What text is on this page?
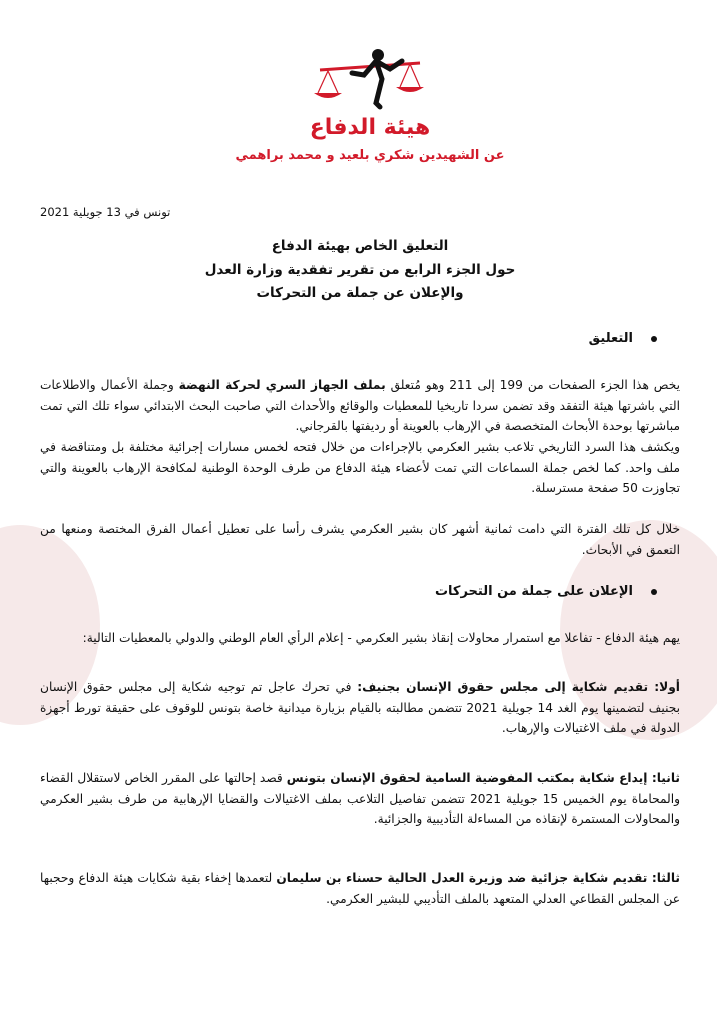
هيئة الدفاع
عن الشهيدين شكري بلعيد و محمد براهمي
تونس في 13 جويلية 2021
التعليق الخاص بهيئة الدفاع
حول الجزء الرابع من تقرير تفقدية وزارة العدل
والإعلان عن جملة من التحركات
التعليق
يخص هذا الجزء الصفحات من 199 إلى 211 وهو مُتعلق بملف الجهاز السري لحركة النهضة وجملة الأعمال والاطلاعات التي باشرتها هيئة التفقد وقد تضمن سردا تاريخيا للمعطيات والوقائع والأحداث التي صاحبت البحث الابتدائي سواء تلك التي تمت مباشرتها بوحدة الأبحاث المتخصصة في الإرهاب بالعوينة أو رديفتها بالقرجاني.
ويكشف هذا السرد التاريخي تلاعب بشير العكرمي بالإجراءات من خلال فتحه لخمس مسارات إجرائية مختلفة بل ومتناقضة في ملف واحد. كما لخص جملة السماعات التي تمت لأعضاء هيئة الدفاع من طرف الوحدة الوطنية لمكافحة الإرهاب بالعوينة والتي تجاوزت 50 صفحة مسترسلة.
خلال كل تلك الفترة التي دامت ثمانية أشهر كان بشير العكرمي يشرف رأسا على تعطيل أعمال الفرق المختصة ومنعها من التعمق في الأبحاث.
الإعلان على جملة من التحركات
يهم هيئة الدفاع - تفاعلا مع استمرار محاولات إنقاذ بشير العكرمي - إعلام الرأي العام الوطني والدولي بالمعطيات التالية:
أولا: تقديم شكاية إلى مجلس حقوق الإنسان بجنيف: في تحرك عاجل تم توجيه شكاية إلى مجلس حقوق الإنسان بجنيف لتضمينها يوم الغد 14 جويلية 2021 تتضمن مطالبته بالقيام بزيارة ميدانية خاصة بتونس للوقوف على حقيقة تورط أجهزة الدولة في ملف الاغتيالات والإرهاب.
ثانيا: إيداع شكاية بمكتب المفوضية السامية لحقوق الإنسان بتونس قصد إحالتها على المقرر الخاص لاستقلال القضاء والمحاماة يوم الخميس 15 جويلية 2021 تتضمن تفاصيل التلاعب بملف الاغتيالات والقضايا الإرهابية من طرف بشير العكرمي والمحاولات المستمرة لإنقاذه من المساءلة التأديبية والجزائية.
ثالثا: تقديم شكاية جزائية ضد وزيرة العدل الحالية حسناء بن سليمان لتعمدها إخفاء بقية شكايات هيئة الدفاع وحجبها عن المجلس القطاعي العدلي المتعهد بالملف التأديبي للبشير العكرمي.
